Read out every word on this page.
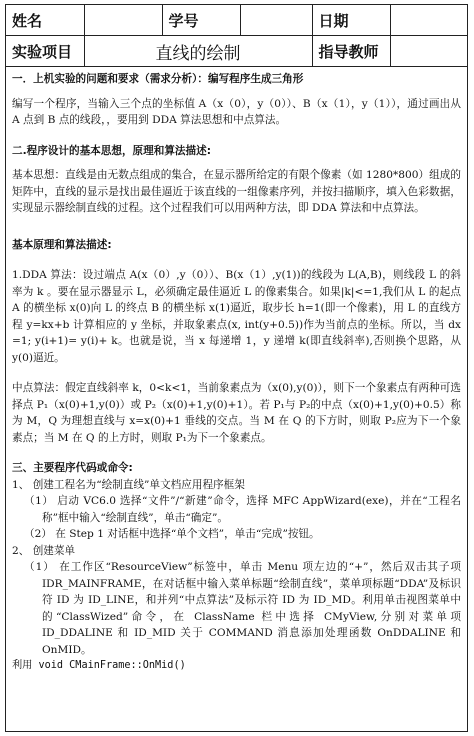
姓名		学号		日期	
实验项目	直线的绘制			指导教师	

一．上机实验的问题和要求（需求分析）：编写程序生成三角形

编写一个程序，当输入三个点的坐标值 A（x（0），y（0））、B（x（1），y（1）），通过画出从 A 点到 B 点的线段，，要用到 DDA 算法思想和中点算法。

二.程序设计的基本思想，原理和算法描述:

基本思想：直线是由无数点组成的集合，在显示器所给定的有限个像素（如 1280*800）组成的矩阵中，直线的显示是找出最佳逼近于该直线的一组像素序列，并按扫描顺序，填入色彩数据，实现显示器绘制直线的过程。这个过程我们可以用两种方法，即 DDA 算法和中点算法。

基本原理和算法描述:

1.DDA 算法：设过端点 A(x（0）,y（0））、B(x（1）,y(1))的线段为 L(A,B)，则线段 L 的斜率为 k 。要在显示器显示 L，必须确定最佳逼近 L 的像素集合。如果|k|<=1,我们从 L 的起点 A 的横坐标 x(0)向 L 的终点 B 的横坐标 x(1)逼近，取步长 h=1(即一个像素)，用 L 的直线方程 y=kx+b 计算相应的 y 坐标，并取象素点(x, int(y+0.5))作为当前点的坐标。所以，当 dx =1; y(i+1)= y(i)+ k。也就是说，当 x 每递增 1，y 递增 k(即直线斜率),否则换个思路，从 y(0)逼近。

中点算法：假定直线斜率 k，0<k<1，当前象素点为（x(0),y(0)），则下一个象素点有两种可选择点 P₁（x(0)+1,y(0)）或 P₂（x(0)+1,y(0)+1）。若 P₁与 P₂的中点（x(0)+1,y(0)+0.5）称为 M，Q 为理想直线与 x=x(0)+1 垂线的交点。当 M 在 Q 的下方时，则取 P₂应为下一个象素点；当 M 在 Q 的上方时，则取 P₁为下一个象素点。

三、主要程序代码或命令:

1、 创建工程名为“绘制直线”单文档应用程序框架

（1） 启动 VC6.0 选择“文件”/“新建”命令，选择 MFC AppWizard(exe)，并在“工程名称”框中输入“绘制直线”，单击“确定”。

（2） 在 Step 1 对话框中选择“单个文档”，单击“完成”按钮。

2、 创建菜单

（1） 在工作区“ResourceView”标签中，单击 Menu 项左边的“+”，然后双击其子项 IDR_MAINFRAME，在对话框中输入菜单标题“绘制直线”，菜单项标题“DDA”及标识符 ID 为 ID_LINE，和并列“中点算法”及标示符 ID 为 ID_MD。利用单击视图菜单中的“ClassWized”命令，在 ClassName 栏中选择 CMyView,分别对菜单项 ID_DDALINE 和 ID_MID 关于 COMMAND 消息添加处理函数 OnDDALINE 和 OnMID。

利用 void CMainFrame::OnMid()
